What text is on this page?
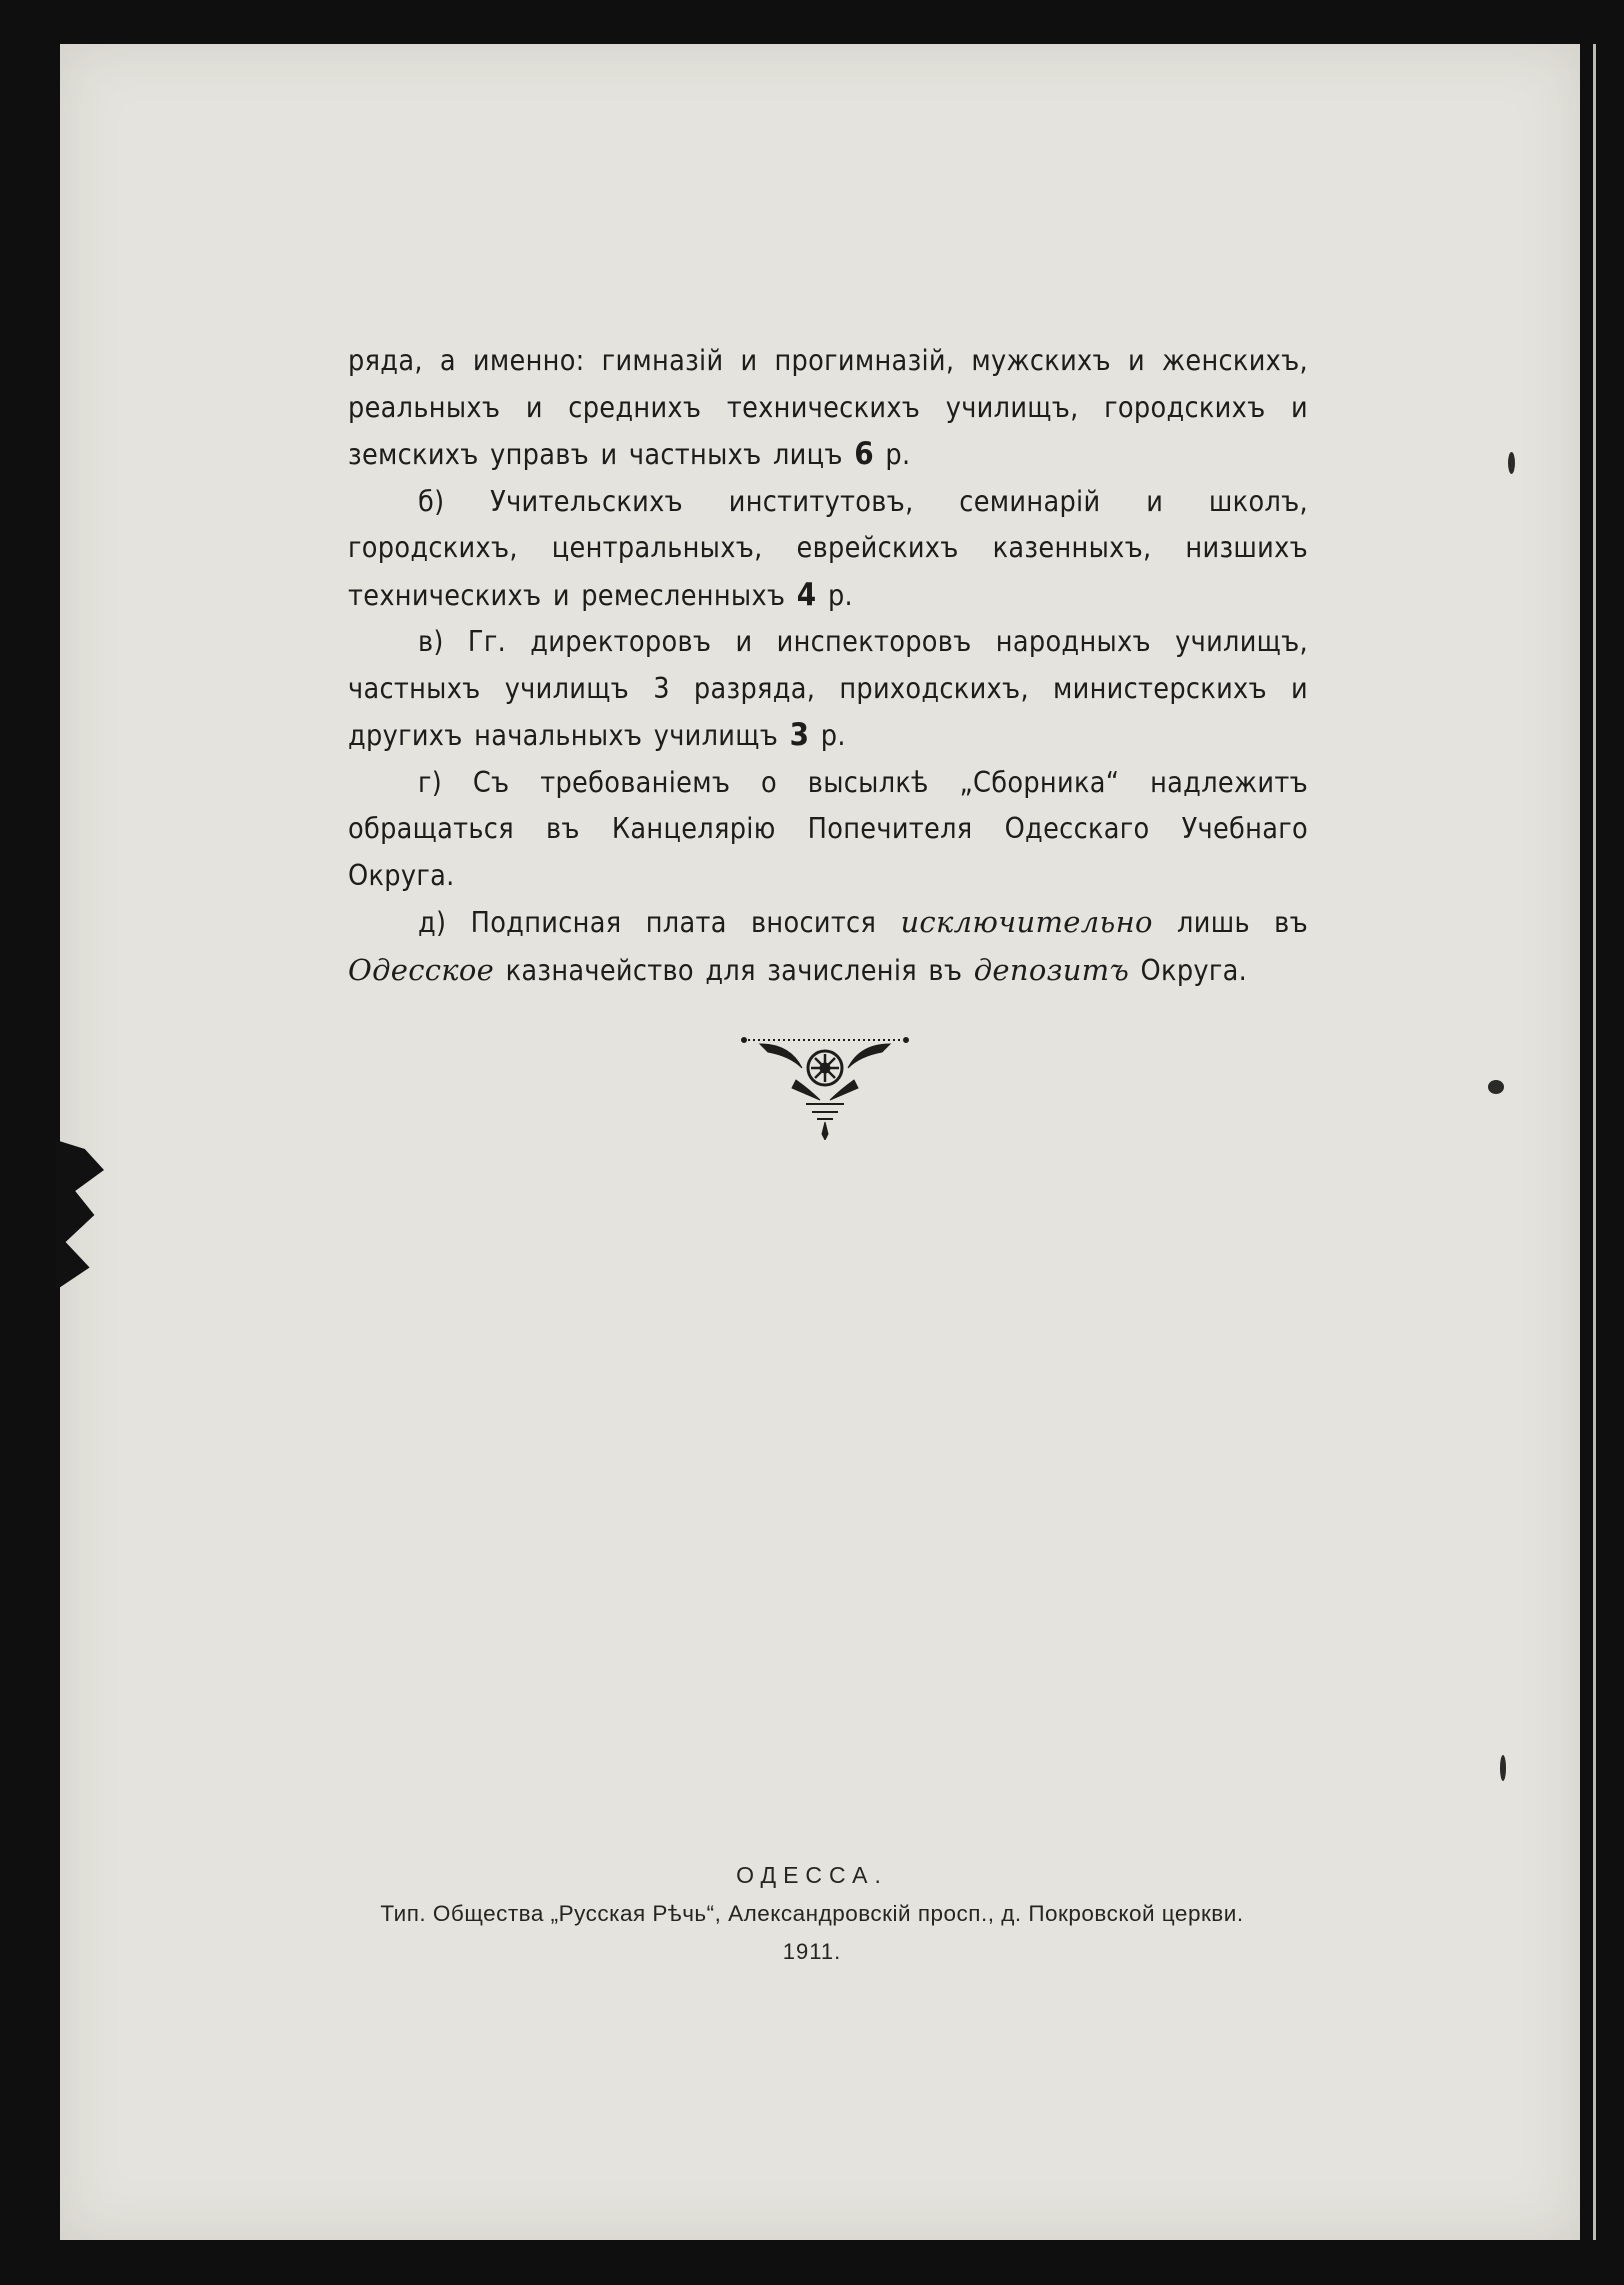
ряда, а именно: гимназій и прогимназій, мужскихъ и женскихъ, реальныхъ и среднихъ техническихъ училищъ, городскихъ и земскихъ управъ и частныхъ лицъ 6 р.

б) Учительскихъ институтовъ, семинарій и школъ, городскихъ, центральныхъ, еврейскихъ казенныхъ, низшихъ техническихъ и ремесленныхъ 4 р.

в) Гг. директоровъ и инспекторовъ народныхъ училищъ, частныхъ училищъ 3 разряда, приходскихъ, министерскихъ и другихъ начальныхъ училищъ 3 р.

г) Съ требованіемъ о высылкѣ „Сборника“ надлежитъ обращаться въ Канцелярію Попечителя Одесскаго Учебнаго Округа.

д) Подписная плата вносится исключительно лишь въ Одесское казначейство для зачисленія въ депозитъ Округа.

ОДЕССА.
Тип. Общества „Русская Рѣчь“, Александровскій просп., д. Покровской церкви.
1911.
